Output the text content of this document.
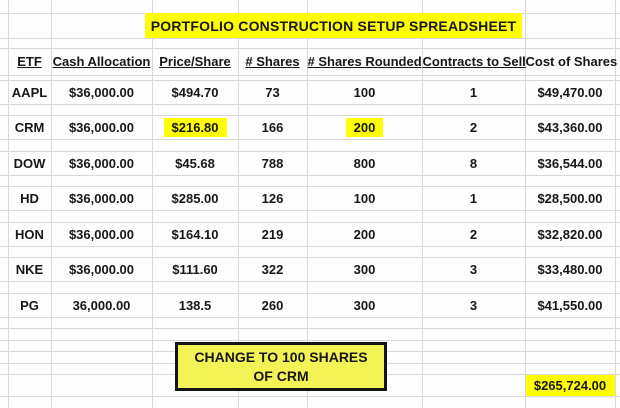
PORTFOLIO CONSTRUCTION SETUP SPREADSHEET
CHANGE TO 100 SHARES
OF CRM

	ETF	Cash Allocation	Price/Share	# Shares	# Shares Rounded	Contracts to Sell	Cost of Shares	

	AAPL	$36,000.00	$494.70	73	100	1	$49,470.00	

	CRM	$36,000.00	$216.80	166	200	2	$43,360.00	

	DOW	$36,000.00	$45.68	788	800	8	$36,544.00	

	HD	$36,000.00	$285.00	126	100	1	$28,500.00	

	HON	$36,000.00	$164.10	219	200	2	$32,820.00	

	NKE	$36,000.00	$111.60	322	300	3	$33,480.00	

	PG	36,000.00	138.5	260	300	3	$41,550.00	

							$265,724.00	
